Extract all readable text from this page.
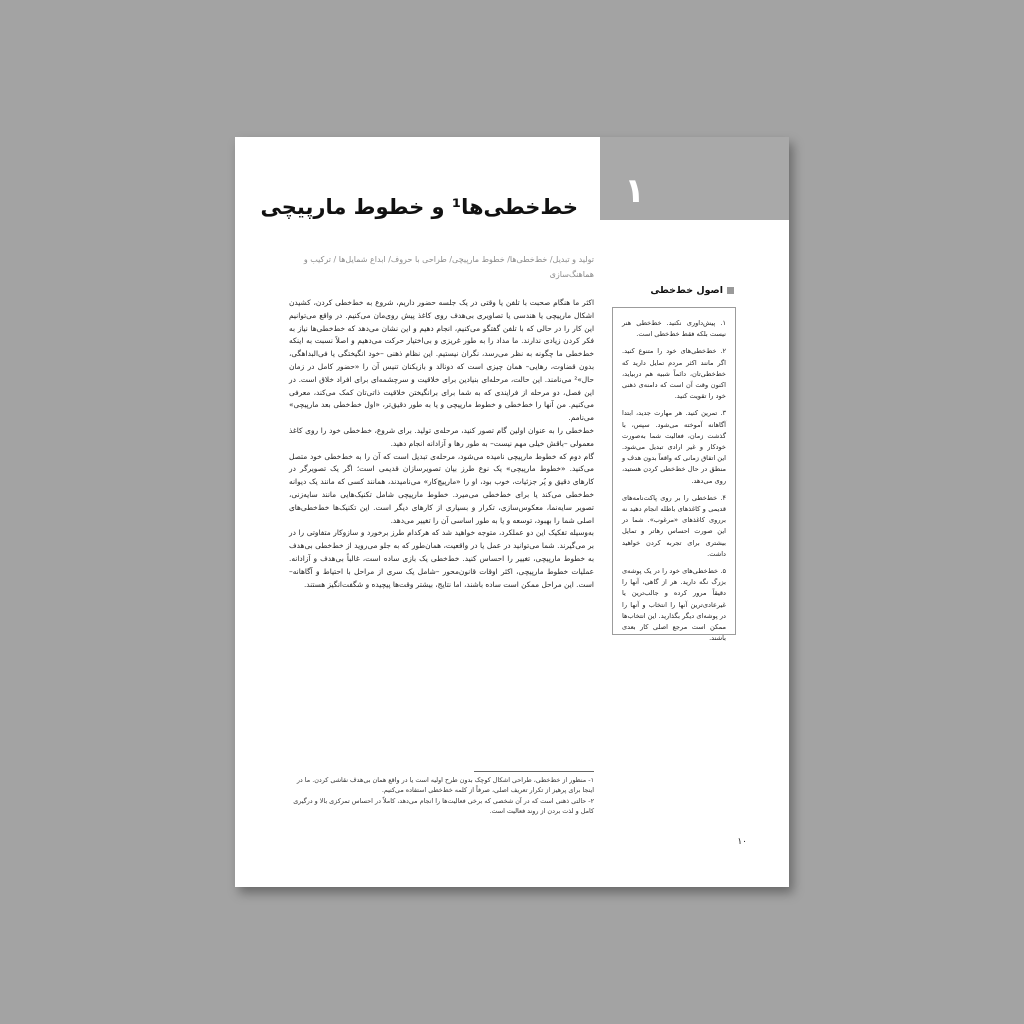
۱
خط‌خطی‌ها¹ و خطوط مارپیچی
تولید و تبدیل/ خط‌خطی‌ها/ خطوط مارپیچی/ طراحی با حروف/ ابداع شمایل‌ها / ترکیب و هماهنگ‌سازی

اکثر ما هنگام صحبت با تلفن یا وقتی در یک جلسه حضور داریم، شروع به خط‌خطی کردن، کشیدن اشکال مارپیچی یا هندسی یا تصاویری بی‌هدف روی کاغذ پیش روی‌مان می‌کنیم. در واقع می‌توانیم این کار را در حالی که با تلفن گفتگو می‌کنیم، انجام دهیم و این نشان می‌دهد که خط‌خطی‌ها نیاز به فکر کردن زیادی ندارند. ما مداد را به طور غریزی و بی‌اختیار حرکت می‌دهیم و اصلاً نسبت به اینکه خط‌خطی ما چگونه به نظر می‌رسد، نگران نیستیم. این نظام ذهنی –خود انگیختگی یا فی‌البداهگی، بدون قضاوت، رهایی– همان چیزی است که دونالد و بازیکنان تنیس آن را «حضور کامل در زمان حال»² می‌نامند. این حالت، مرحله‌ای بنیادین برای خلاقیت و سرچشمه‌ای برای افراد خلاق است. در این فصل، دو مرحله از فرایندی که به شما برای برانگیختن خلاقیت ذاتی‌تان کمک می‌کند، معرفی می‌کنیم. من آنها را خط‌خطی و خطوط مارپیچی و یا به طور دقیق‌تر، «اول خط‌خطی بعد مارپیچی» می‌نامم.

خط‌خطی را به عنوان اولین گام تصور کنید، مرحله‌ی تولید. برای شروع، خط‌خطی خود را روی کاغذ معمولی –باقش خیلی مهم نیست– به طور رها و آزادانه انجام دهید.

گام دوم که خطوط مارپیچی نامیده می‌شود، مرحله‌ی تبدیل است که آن را به خط‌خطی خود متصل می‌کنید. «خطوط مارپیچی» یک نوع طرز بیان تصویرسازان قدیمی است؛ اگر یک تصویرگر در کارهای دقیق و پُر جزئیات، خوب بود، او را «مارپیچ‌کار» می‌نامیدند، همانند کسی که مانند یک دیوانه خط‌خطی می‌کند یا برای خط‌خطی می‌میرد. خطوط مارپیچی شامل تکنیک‌هایی مانند سایه‌زنی، تصویر سایه‌نما، معکوس‌سازی، تکرار و بسیاری از کارهای دیگر است. این تکنیک‌ها خط‌خطی‌های اصلی شما را بهبود، توسعه و یا به طور اساسی آن را تغییر می‌دهد.

به‌وسیله تفکیک این دو عملکرد، متوجه خواهید شد که هرکدام طرز برخورد و سازوکار متفاوتی را در بر می‌گیرند. شما می‌توانید در عمل یا در واقعیت، همان‌طور که به جلو می‌روید از خط‌خطی بی‌هدف به خطوط مارپیچی، تغییر را احساس کنید. خط‌خطی یک بازی ساده است، غالباً بی‌هدف و آزادانه. عملیات خطوط مارپیچی، اکثر اوقات قانون‌محور –شامل یک سری از مراحل با احتیاط و آگاهانه– است. این مراحل ممکن است ساده باشند، اما نتایج، بیشتر وقت‌ها پیچیده و شگفت‌انگیز هستند.

اصول خط‌خطی

۱. پیش‌داوری نکنید. خط‌خطی هنر نیست بلکه فقط خط‌خطی است.

۲. خط‌خطی‌های خود را متنوع کنید. اگر مانند اکثر مردم تمایل دارید که خط‌خطی‌تان، دائماً شبیه هم دربیاید، اکنون وقت آن است که دامنه‌ی ذهنی خود را تقویت کنید.

۳. تمرین کنید. هر مهارت جدید، ابتدا آگاهانه آموخته می‌شود. سپس، با گذشت زمان، فعالیت شما به‌صورت خودکار و غیر ارادی تبدیل می‌شود. این اتفاق زمانی که واقعاً بدون هدف و منطق در حال خط‌خطی کردن هستید، روی می‌دهد.

۴. خط‌خطی را بر روی پاکت‌نامه‌های قدیمی و کاغذهای باطله انجام دهید نه برروی کاغذهای «مرغوب». شما در این صورت احساس رهاتر و تمایل بیشتری برای تجربه کردن خواهید داشت.

۵. خط‌خطی‌های خود را در یک پوشه‌ی بزرگ نگه دارید. هر از گاهی، آنها را دقیقاً مرور کرده و جالب‌ترین یا غیرعادی‌ترین آنها را انتخاب و آنها را در پوشه‌ای دیگر بگذارید. این انتخاب‌ها ممکن است مرجع اصلی کار بعدی باشند.

۱- منظور از خط‌خطی، طراحی اشکال کوچک بدون طرح اولیه است یا در واقع همان بی‌هدف نقاشی کردن. ما در اینجا برای پرهیز از تکرار تعریف اصلی، صرفاً از کلمه خط‌خطی استفاده می‌کنیم.

۲- حالتی ذهنی است که در آن شخصی که برخی فعالیت‌ها را انجام می‌دهد، کاملاً در احساس تمرکزی بالا و درگیری کامل و لذت بردن از روند فعالیت است.

۱۰
